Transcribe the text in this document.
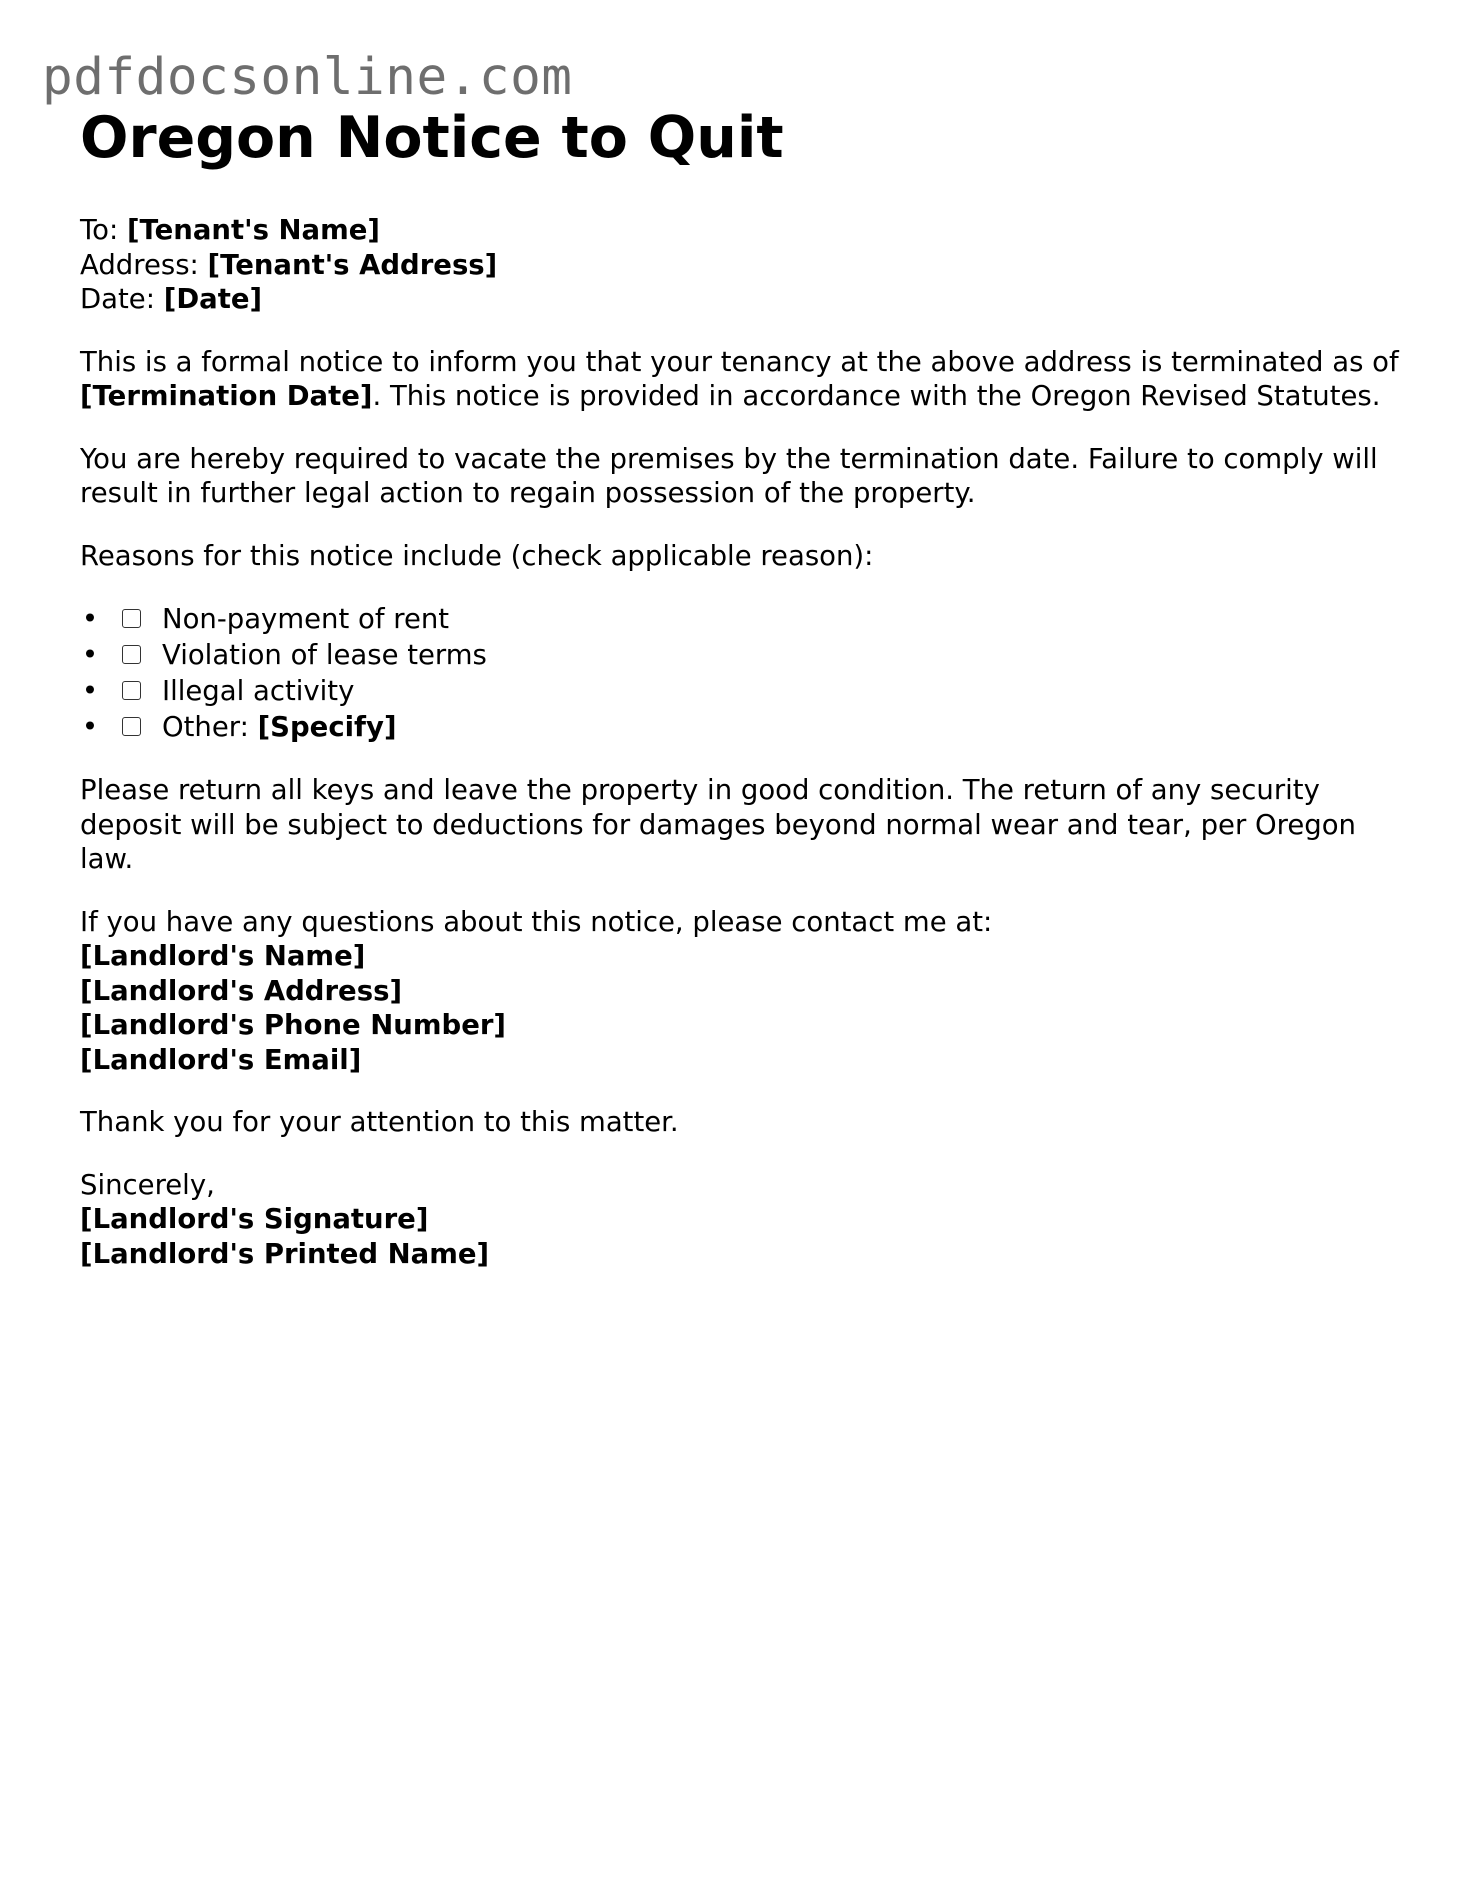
pdfdocsonline.com
Oregon Notice to Quit
To: [Tenant's Name]
Address: [Tenant's Address]
Date: [Date]

This is a formal notice to inform you that your tenancy at the above address is terminated as of [Termination Date]. This notice is provided in accordance with the Oregon Revised Statutes.

You are hereby required to vacate the premises by the termination date. Failure to comply will result in further legal action to regain possession of the property.

Reasons for this notice include (check applicable reason):

• Non-payment of rent
• Violation of lease terms
• Illegal activity
• Other: [Specify]

Please return all keys and leave the property in good condition. The return of any security deposit will be subject to deductions for damages beyond normal wear and tear, per Oregon law.

If you have any questions about this notice, please contact me at:
[Landlord's Name]
[Landlord's Address]
[Landlord's Phone Number]
[Landlord's Email]

Thank you for your attention to this matter.

Sincerely,
[Landlord's Signature]
[Landlord's Printed Name]
